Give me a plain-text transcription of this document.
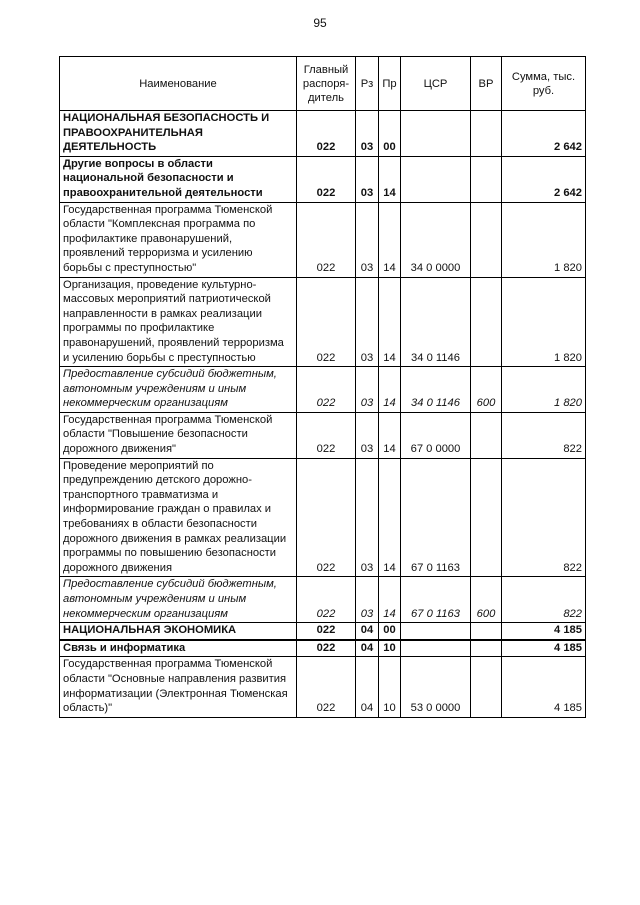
95
Наименование	Главный распоря-дитель	Рз	Пр	ЦСР	ВР	Сумма, тыс. руб.
НАЦИОНАЛЬНАЯ БЕЗОПАСНОСТЬ И ПРАВООХРАНИТЕЛЬНАЯ ДЕЯТЕЛЬНОСТЬ	022	03	00			2 642
Другие вопросы в области национальной безопасности и правоохранительной деятельности	022	03	14			2 642
Государственная программа Тюменской области "Комплексная программа по профилактике правонарушений, проявлений терроризма и усилению борьбы с преступностью"	022	03	14	34 0 0000		1 820
Организация, проведение культурно-массовых мероприятий патриотической направленности в рамках реализации программы по профилактике правонарушений, проявлений терроризма и усилению борьбы с преступностью	022	03	14	34 0 1146		1 820
Предоставление субсидий бюджетным, автономным учреждениям и иным некоммерческим организациям	022	03	14	34 0 1146	600	1 820
Государственная программа Тюменской области "Повышение безопасности дорожного движения"	022	03	14	67 0 0000		822
Проведение мероприятий по предупреждению детского дорожно-транспортного травматизма и информирование граждан о правилах и требованиях в области безопасности дорожного движения в рамках реализации программы по повышению безопасности дорожного движения	022	03	14	67 0 1163		822
Предоставление субсидий бюджетным, автономным учреждениям и иным некоммерческим организациям	022	03	14	67 0 1163	600	822
НАЦИОНАЛЬНАЯ ЭКОНОМИКА	022	04	00			4 185
Связь и информатика	022	04	10			4 185
Государственная программа Тюменской области "Основные направления развития информатизации (Электронная Тюменская область)"	022	04	10	53 0 0000		4 185
